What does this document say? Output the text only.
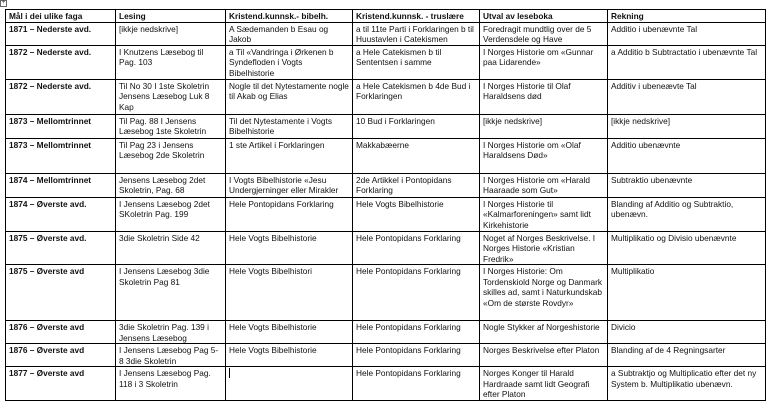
+
Mål i dei ulike faga	Lesing	Kristend.kunnsk.- bibelh.	Kristend.kunnsk. - truslære	Utval av leseboka	Rekning
1871 – Nederste avd.	[ikkje nedskrive]	A Sædemanden b Esau og Jakob	a til 11te Parti i Forklaringen b til Huustavlen i Catekismen	Foredragit mundtlig over de 5 Verdensdele og Have	Additio i ubenævnte Tal
1872 – Nederste avd.	I Knutzens Læsebog til Pag. 103	a Til «Vandringa i Ørkenen b Syndefloden i Vogts Bibelhistorie	a Hele Catekismen b til Sententsen i samme	I Norges Historie om «Gunnar paa Lidarende»	a Additio b Subtractatio i ubenævnte Tal
1872 – Nederste avd.	Til No 30 I 1ste Skoletrin Jensens Læsebog Luk 8 Kap	Nogle til det Nytestamente nogle til Akab og Elias	a Hele Catekismen b 4de Bud i Forklaringen	I Norges Historie til Olaf Haraldsens død	Additiv i ubeneævte Tal
1873 – Mellomtrinnet	Til Pag. 88 I Jensens Læsebog 1ste Skoletrin	Til det Nytestamente i Vogts Bibelhistorie	10 Bud i Forklaringen	[ikkje nedskrive]	[ikkje nedskrive]
1873 – Mellomtrinnet	Til Pag 23 i Jensens Læsebog 2de Skoletrin	1 ste Artikel i Forklaringen	Makkabæerne	I Norges Historie om «Olaf Haraldsens Død»	Additio ubenævnte
1874 – Mellomtrinnet	Jensens Læsebog 2det Skoletrin, Pag. 68	I Vogts Bibelhistorie «Jesu Undergjerninger eller Mirakler	2de Artikkel i Pontopidans Forklaring	I Norges Historie om «Harald Haaraade som Gut»	Subtraktio ubenævnte
1874 – Øverste avd.	I Jensens Læsebog 2det SKoletrin Pag. 199	Hele Pontopidans Forklaring	Hele Vogts Bibelhistorie	I Norges Historie til «Kalmarforeningen» samt lidt Kirkehistorie	Blanding af Additio og Subtraktio, ubenævn.
1875 – Øverste avd.	3die Skoletrin Side 42	Hele Vogts Bibelhistorie	Hele Pontopidans Forklaring	Noget af Norges Beskrivelse. I Norges Historie «Kristian Fredrik»	Multiplikatio og Divisio ubenævnte
1875 – Øverste avd	I Jensens Læsebog 3die Skoletrin Pag 81	Hele Vogts Bibelhistori	Hele Pontopidans Forklaring	I Norges Historie: Om Tordenskiold Norge og Danmark skilles ad, samt i Naturkundskab «Om de største Rovdyr»	Multiplikatio
1876 – Øverste avd	3die Skoletrin Pag. 139 i Jensens Læsebog	Hele Vogts Bibelhistorie	Hele Pontopidans Forklaring	Nogle Stykker af Norgeshistorie	Divicio
1876 – Øverste avd	I Jensens Læsebog Pag 5-8 3die Skoletrin	Hele Vogts Bibelhistorie	Hele Pontopidans Forklaring	Norges Beskrivelse efter Platon	Blanding af de 4 Regningsarter
1877 – Øverste avd	I Jensens Læsebog Pag. 118 i 3 Skoletrin		Hele Pontopidans Forklaring	Norges Konger til Harald Hardraade samt lidt Geografi efter Platon	a Subtraktjo og Multiplicatio efter det ny System b. Multiplikatio ubenævn.
